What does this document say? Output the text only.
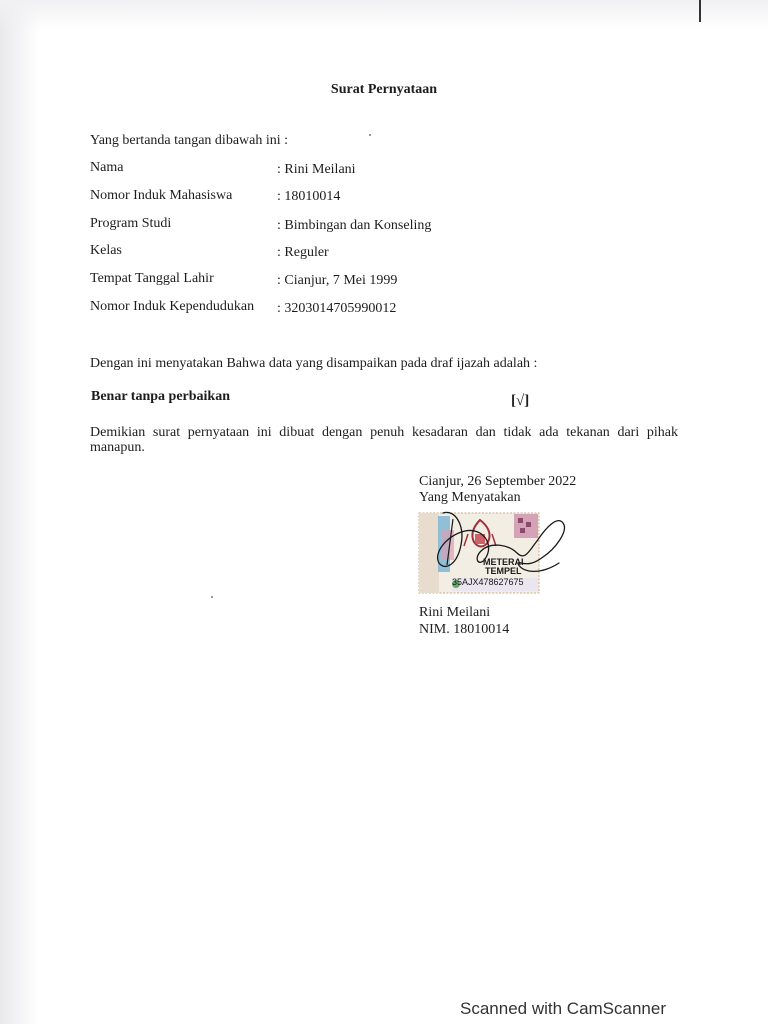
Surat Pernyataan
Yang bertanda tangan dibawah ini :
Nama	: Rini Meilani
Nomor Induk Mahasiswa	: 18010014
Program Studi	: Bimbingan dan Konseling
Kelas	: Reguler
Tempat Tanggal Lahir	: Cianjur, 7 Mei 1999
Nomor Induk Kependudukan : 3203014705990012
Dengan ini menyatakan Bahwa data yang disampaikan pada draf ijazah adalah :
Benar tanpa perbaikan	[√]
Demikian surat pernyataan ini dibuat dengan penuh kesadaran dan tidak ada tekanan dari pihak manapun.
Cianjur, 26 September 2022
Yang Menyatakan
METERAI
TEMPEL
35AJX478627675
Rini Meilani
NIM. 18010014
Scanned with CamScanner
